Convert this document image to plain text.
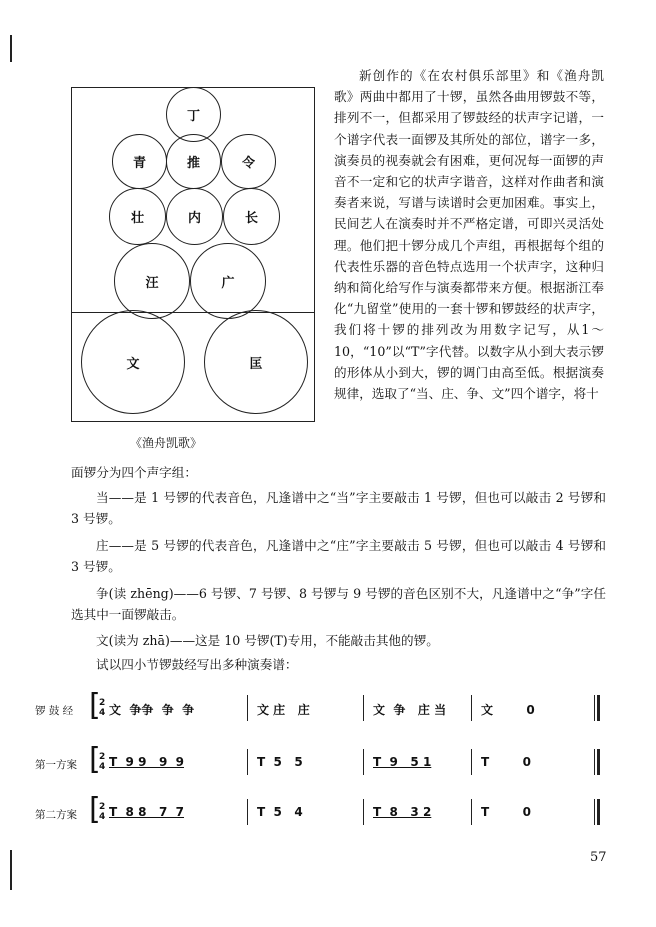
丁
青	推	令
壮	内	长
汪	广
文	匡
《渔舟凯歌》

新创作的《在农村俱乐部里》和《渔舟凯歌》两曲中都用了十锣，虽然各曲用锣鼓不等，排列不一，但都采用了锣鼓经的状声字记谱，一个谱字代表一面锣及其所处的部位，谱字一多，演奏员的视奏就会有困难，更何况每一面锣的声音不一定和它的状声字谐音，这样对作曲者和演奏者来说，写谱与读谱时会更加困难。事实上，民间艺人在演奏时并不严格定谱，可即兴灵活处理。他们把十锣分成几个声组，再根据每个组的代表性乐器的音色特点选用一个状声字，这种归纳和简化给写作与演奏都带来方便。根据浙江奉化“九留堂”使用的一套十锣和锣鼓经的状声字，我们将十锣的排列改为用数字记写，从1～10，“10”以“T”字代替。以数字从小到大表示锣的形体从小到大，锣的调门由高至低。根据演奏规律，选取了“当、庄、争、文”四个谱字，将十

面锣分为四个声字组：

当——是 1 号锣的代表音色，凡逢谱中之“当”字主要敲击 1 号锣，但也可以敲击 2 号锣和 3 号锣。

庄——是 5 号锣的代表音色，凡逢谱中之“庄”字主要敲击 5 号锣，但也可以敲击 4 号锣和 3 号锣。

争(读 zhēng)——6 号锣、7 号锣、8 号锣与 9 号锣的音色区别不大，凡逢谱中之“争”字任选其中一面锣敲击。

文(读为 zhā)——这是 10 号锣(T)专用，不能敲击其他的锣。

试以四小节锣鼓经写出多种演奏谱：

锣 鼓 经 [
2
4 文  争争  争  争	文 庄   庄	文  争   庄 当	文        0
第一方案 [
2
4 T  9 9   9  9	T  5   5	T  9   5 1	T        0
第二方案 [
2
4 T  8 8   7  7	T  5   4	T  8   3 2	T        0
57
